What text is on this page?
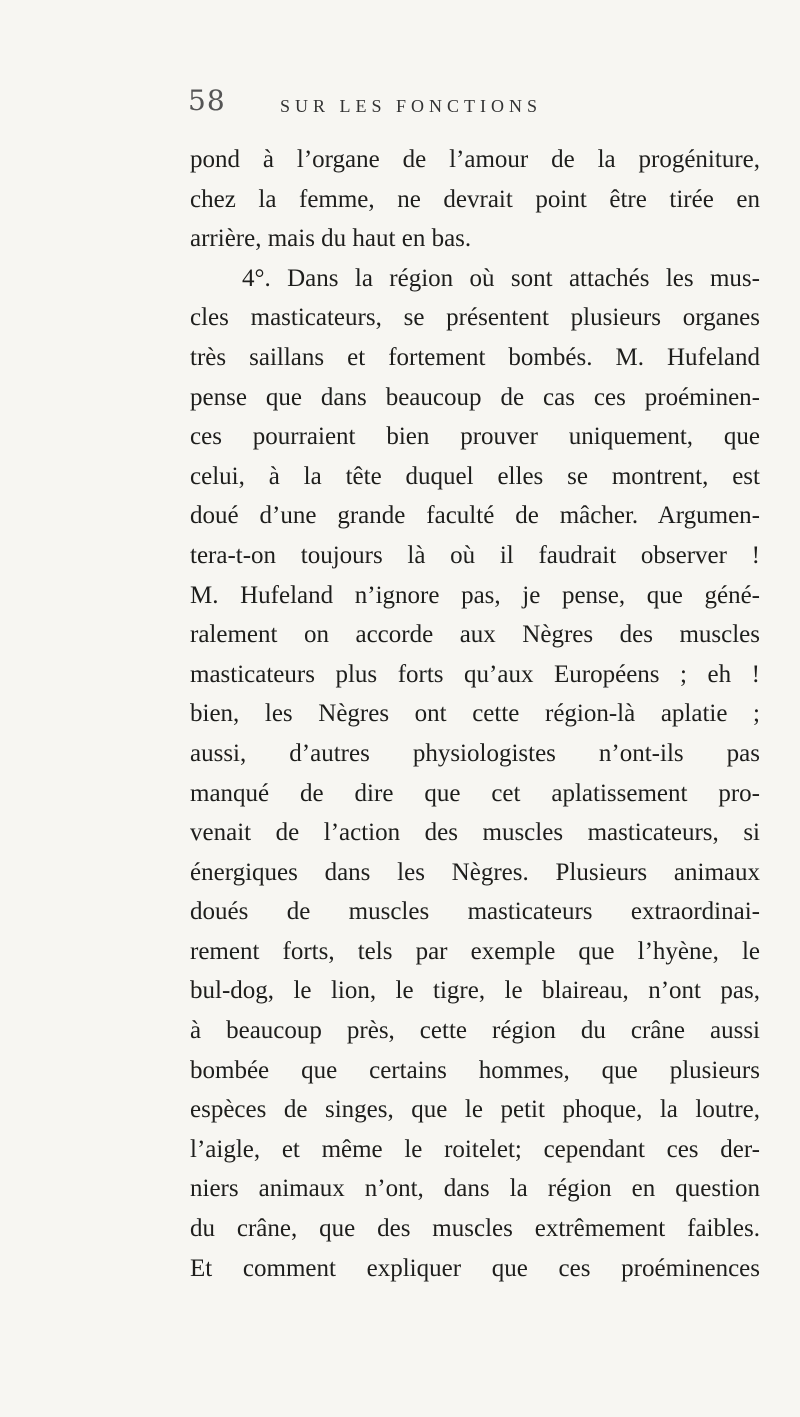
58	SUR LES FONCTIONS
pond à l’organe de l’amour de la progéniture,
chez la femme, ne devrait point être tirée en
arrière, mais du haut en bas.
4°. Dans la région où sont attachés les mus-
cles masticateurs, se présentent plusieurs organes
très saillans et fortement bombés. M. Hufeland
pense que dans beaucoup de cas ces proéminen-
ces pourraient bien prouver uniquement, que
celui, à la tête duquel elles se montrent, est
doué d’une grande faculté de mâcher. Argumen-
tera-t-on toujours là où il faudrait observer !
M. Hufeland n’ignore pas, je pense, que géné-
ralement on accorde aux Nègres des muscles
masticateurs plus forts qu’aux Européens ; eh !
bien, les Nègres ont cette région-là aplatie ;
aussi, d’autres physiologistes n’ont-ils pas
manqué de dire que cet aplatissement pro-
venait de l’action des muscles masticateurs, si
énergiques dans les Nègres. Plusieurs animaux
doués de muscles masticateurs extraordinai-
rement forts, tels par exemple que l’hyène, le
bul-dog, le lion, le tigre, le blaireau, n’ont pas,
à beaucoup près, cette région du crâne aussi
bombée que certains hommes, que plusieurs
espèces de singes, que le petit phoque, la loutre,
l’aigle, et même le roitelet; cependant ces der-
niers animaux n’ont, dans la région en question
du crâne, que des muscles extrêmement faibles.
Et comment expliquer que ces proéminences
